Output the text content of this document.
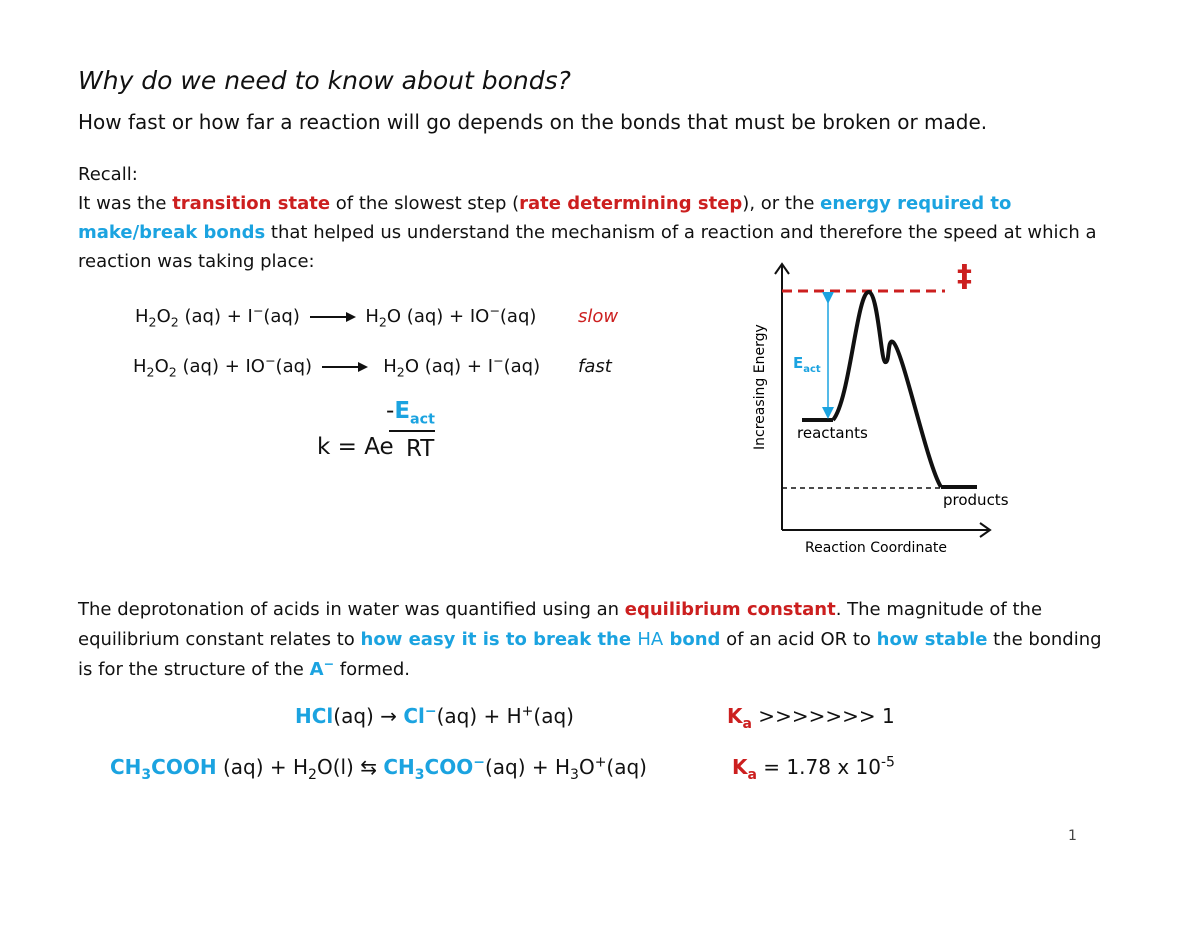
Why do we need to know about bonds?
How fast or how far a reaction will go depends on the bonds that must be broken or made.
Recall:
It was the transition state of the slowest step (rate determining step), or the energy required to make/break bonds that helped us understand the mechanism of a reaction and therefore the speed at which a reaction was taking place:
$H_2O_2$ $(aq) + I^-(aq) \to H_2O$ (aq) + IO−(aq) slow
$H_2O_2$ $(aq) + IO^-(aq) \to H_2O$ (aq) + I−(aq) fast
$-E_{act}$
k = Ae RT	Increasing Energy
Reaction Coordinate
‡
$E_{act}$
reactants
products
The deprotonation of acids in water was quantified using an equilibrium constant. The magnitude of the equilibrium constant relates to how easy it is to break the HA bond of an acid OR to how stable the bonding is for the structure of the A− formed.
HCl(aq) → Cl−(aq) + H+(aq)	$K_a$ >>>>>>> 1
$CH_3COOH$ $(aq) + H_2O(l)$ ⇆ $CH_3COO^-(aq) + H_3O^+(aq)$	$K_a = 1.78$ x $10^{-5}$
1
